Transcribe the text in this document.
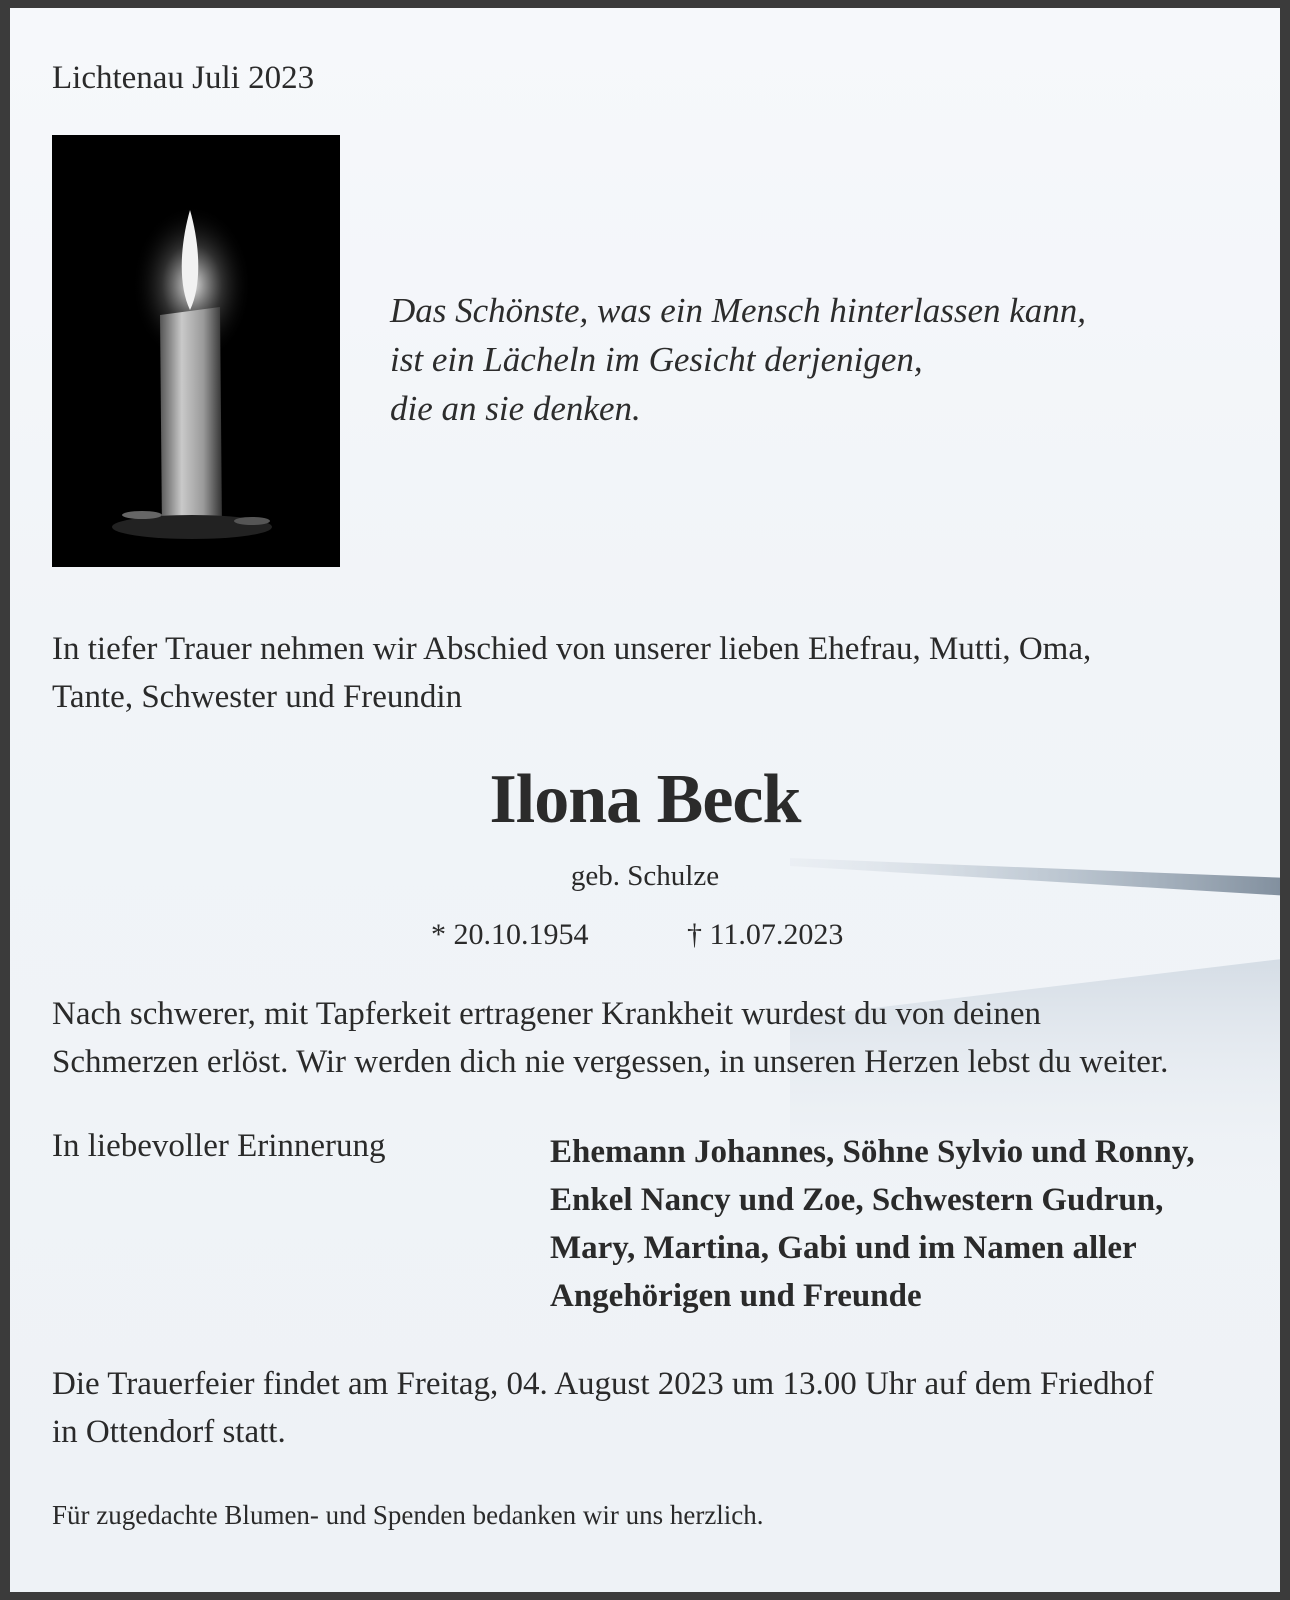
Lichtenau Juli 2023
Das Schönste, was ein Mensch hinterlassen kann,
ist ein Lächeln im Gesicht derjenigen,
die an sie denken.
In tiefer Trauer nehmen wir Abschied von unserer lieben Ehefrau, Mutti, Oma,
Tante, Schwester und Freundin
Ilona Beck
geb. Schulze
* 20.10.1954	† 11.07.2023
Nach schwerer, mit Tapferkeit ertragener Krankheit wurdest du von deinen
Schmerzen erlöst. Wir werden dich nie vergessen, in unseren Herzen lebst du weiter.
In liebevoller Erinnerung	Ehemann Johannes, Söhne Sylvio und Ronny,
Enkel Nancy und Zoe, Schwestern Gudrun,
Mary, Martina, Gabi und im Namen aller
Angehörigen und Freunde
Die Trauerfeier findet am Freitag, 04. August 2023 um 13.00 Uhr auf dem Friedhof
in Ottendorf statt.
Für zugedachte Blumen- und Spenden bedanken wir uns herzlich.
